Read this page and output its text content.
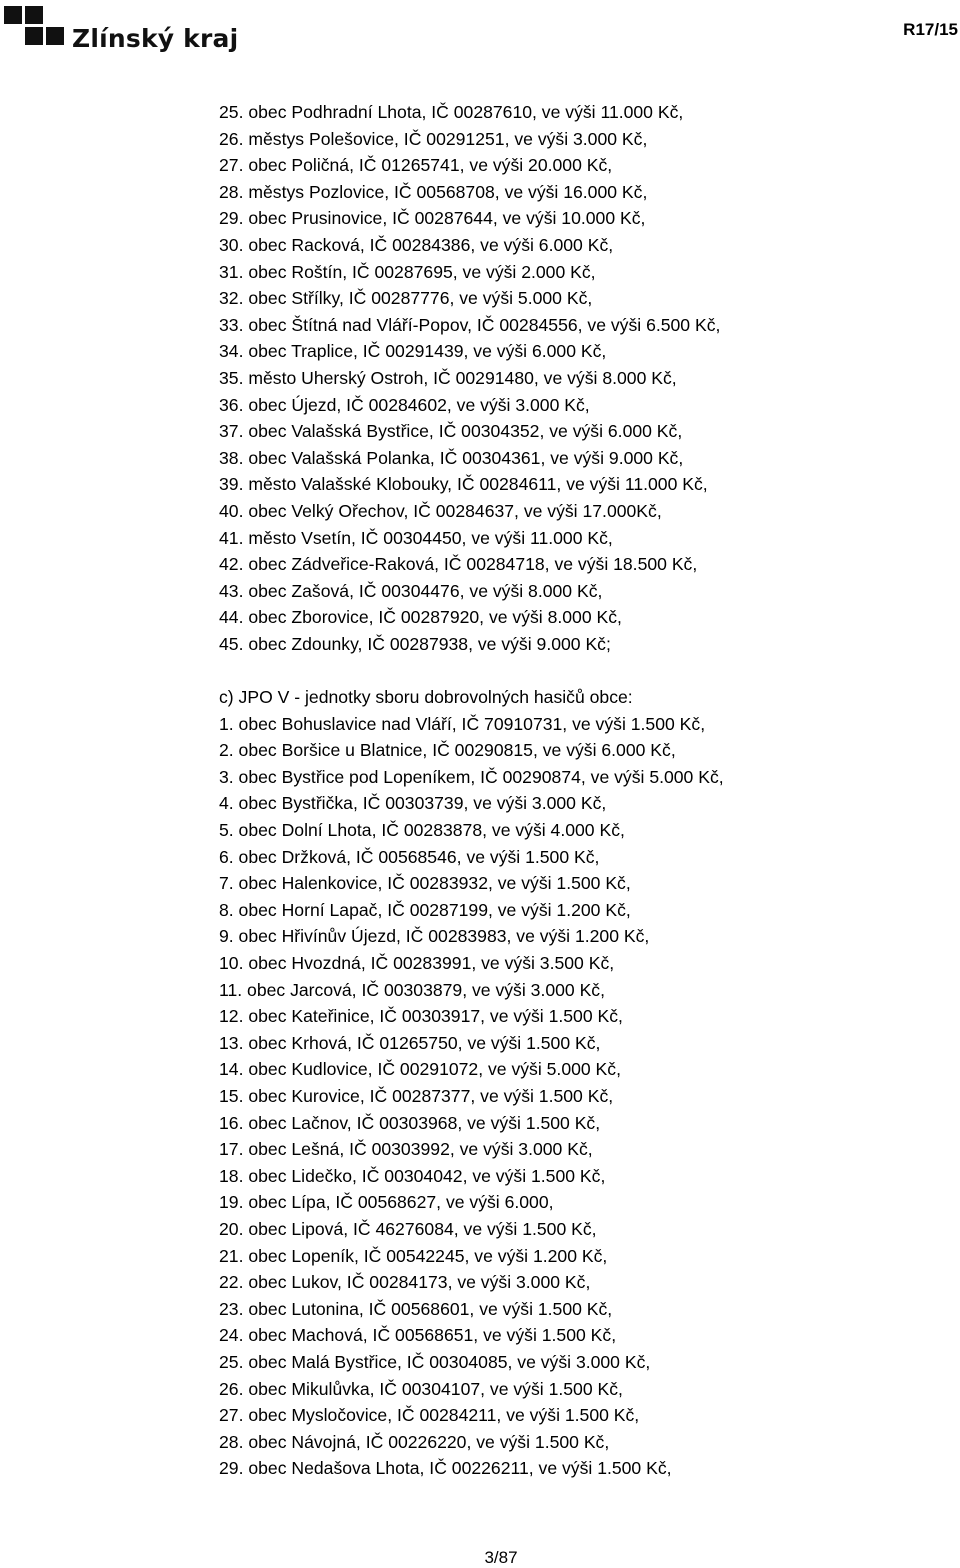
Zlínský kraj	R17/15
25. obec Podhradní Lhota, IČ 00287610, ve výši 11.000 Kč,
26. městys Polešovice, IČ 00291251, ve výši 3.000 Kč,
27. obec Poličná, IČ 01265741, ve výši 20.000 Kč,
28. městys Pozlovice, IČ 00568708, ve výši 16.000 Kč,
29. obec Prusinovice, IČ 00287644, ve výši 10.000 Kč,
30. obec Racková, IČ 00284386, ve výši 6.000 Kč,
31. obec Roštín, IČ 00287695, ve výši 2.000 Kč,
32. obec Střílky, IČ 00287776, ve výši 5.000 Kč,
33. obec Štítná nad Vláří-Popov, IČ 00284556, ve výši 6.500 Kč,
34. obec Traplice, IČ 00291439, ve výši 6.000 Kč,
35. město Uherský Ostroh, IČ 00291480, ve výši 8.000 Kč,
36. obec Újezd, IČ 00284602, ve výši 3.000 Kč,
37. obec Valašská Bystřice, IČ 00304352, ve výši 6.000 Kč,
38. obec Valašská Polanka, IČ 00304361, ve výši 9.000 Kč,
39. město Valašské Klobouky, IČ 00284611, ve výši 11.000 Kč,
40. obec Velký Ořechov, IČ 00284637, ve výši 17.000Kč,
41. město Vsetín, IČ 00304450, ve výši 11.000 Kč,
42. obec Zádveřice-Raková, IČ 00284718, ve výši 18.500 Kč,
43. obec Zašová, IČ 00304476, ve výši 8.000 Kč,
44. obec Zborovice, IČ 00287920, ve výši 8.000 Kč,
45. obec Zdounky, IČ 00287938, ve výši 9.000 Kč;
c) JPO V - jednotky sboru dobrovolných hasičů obce:
1. obec Bohuslavice nad Vláří, IČ 70910731, ve výši 1.500 Kč,
2. obec Boršice u Blatnice, IČ 00290815, ve výši 6.000 Kč,
3. obec Bystřice pod Lopeníkem, IČ 00290874, ve výši 5.000 Kč,
4. obec Bystřička, IČ 00303739, ve výši 3.000 Kč,
5. obec Dolní Lhota, IČ 00283878, ve výši 4.000 Kč,
6. obec Držková, IČ 00568546, ve výši 1.500 Kč,
7. obec Halenkovice, IČ 00283932, ve výši 1.500 Kč,
8. obec Horní Lapač, IČ 00287199, ve výši 1.200 Kč,
9. obec Hřivínův Újezd, IČ 00283983, ve výši 1.200 Kč,
10. obec Hvozdná, IČ 00283991, ve výši 3.500 Kč,
11. obec Jarcová, IČ 00303879, ve výši 3.000 Kč,
12. obec Kateřinice, IČ 00303917, ve výši 1.500 Kč,
13. obec Krhová, IČ 01265750, ve výši 1.500 Kč,
14. obec Kudlovice, IČ 00291072, ve výši 5.000 Kč,
15. obec Kurovice, IČ 00287377, ve výši 1.500 Kč,
16. obec Lačnov, IČ 00303968, ve výši 1.500 Kč,
17. obec Lešná, IČ 00303992, ve výši 3.000 Kč,
18. obec Lidečko, IČ 00304042, ve výši 1.500 Kč,
19. obec Lípa, IČ 00568627, ve výši 6.000,
20. obec Lipová, IČ 46276084, ve výši 1.500 Kč,
21. obec Lopeník, IČ 00542245, ve výši 1.200 Kč,
22. obec Lukov, IČ 00284173, ve výši 3.000 Kč,
23. obec Lutonina, IČ 00568601, ve výši 1.500 Kč,
24. obec Machová, IČ 00568651, ve výši 1.500 Kč,
25. obec Malá Bystřice, IČ 00304085, ve výši 3.000 Kč,
26. obec Mikulůvka, IČ 00304107, ve výši 1.500 Kč,
27. obec Mysločovice, IČ 00284211, ve výši 1.500 Kč,
28. obec Návojná, IČ 00226220, ve výši 1.500 Kč,
29. obec Nedašova Lhota, IČ 00226211, ve výši 1.500 Kč,
3/87
